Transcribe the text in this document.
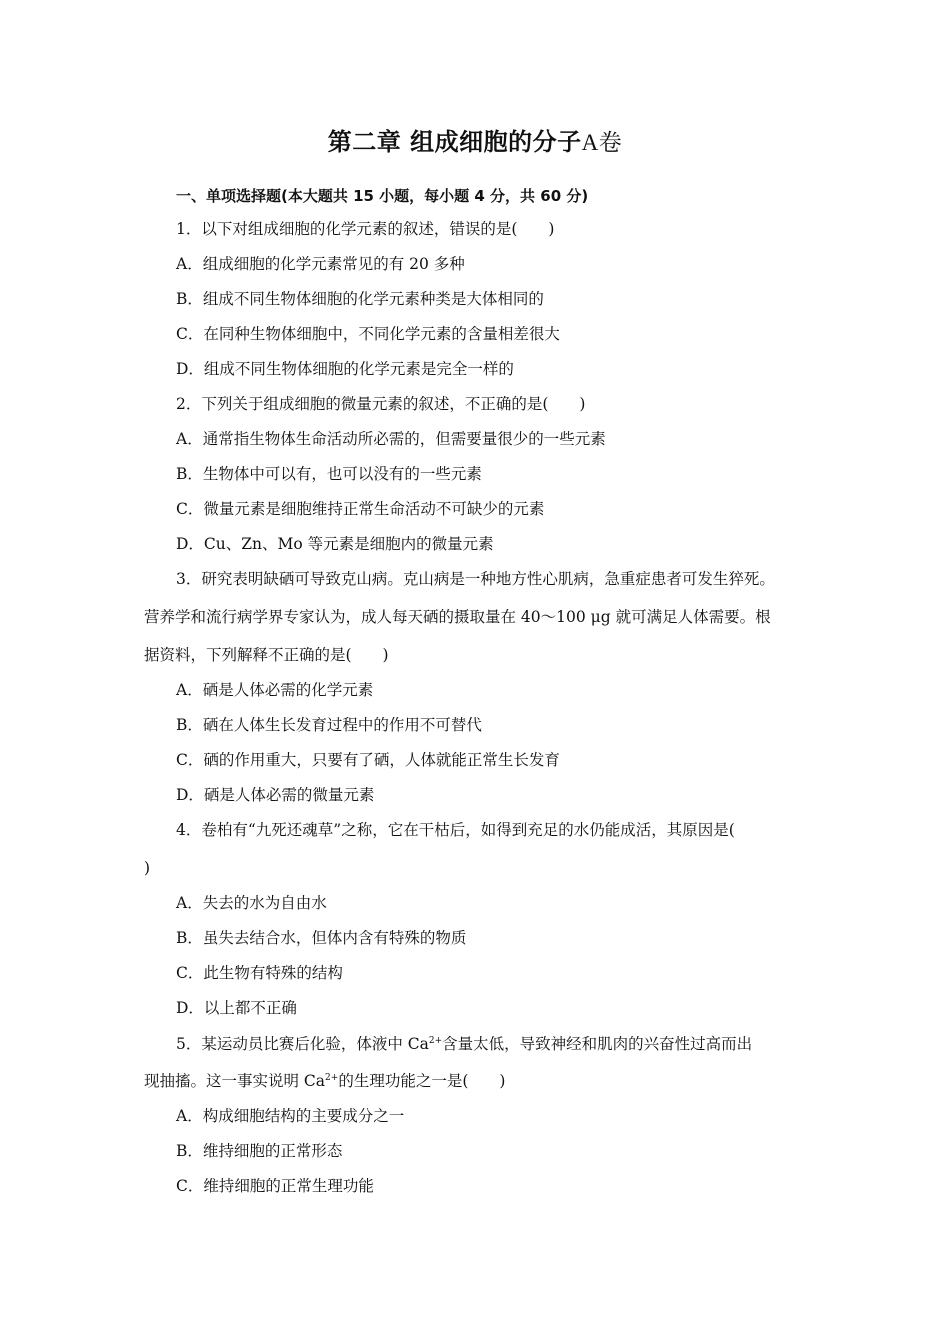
第二章 组成细胞的分子A卷
一、单项选择题(本大题共 15 小题，每小题 4 分，共 60 分)
1．以下对组成细胞的化学元素的叙述，错误的是(　　)
A．组成细胞的化学元素常见的有 20 多种
B．组成不同生物体细胞的化学元素种类是大体相同的
C．在同种生物体细胞中，不同化学元素的含量相差很大
D．组成不同生物体细胞的化学元素是完全一样的
2．下列关于组成细胞的微量元素的叙述，不正确的是(　　)
A．通常指生物体生命活动所必需的，但需要量很少的一些元素
B．生物体中可以有，也可以没有的一些元素
C．微量元素是细胞维持正常生命活动不可缺少的元素
D．Cu、Zn、Mo 等元素是细胞内的微量元素
3．研究表明缺硒可导致克山病。克山病是一种地方性心肌病，急重症患者可发生猝死。
营养学和流行病学界专家认为，成人每天硒的摄取量在 40～100 μg 就可满足人体需要。根
据资料，下列解释不正确的是(　　)
A．硒是人体必需的化学元素
B．硒在人体生长发育过程中的作用不可替代
C．硒的作用重大，只要有了硒，人体就能正常生长发育
D．硒是人体必需的微量元素
4．卷柏有“九死还魂草”之称，它在干枯后，如得到充足的水仍能成活，其原因是(
)
A．失去的水为自由水
B．虽失去结合水，但体内含有特殊的物质
C．此生物有特殊的结构
D．以上都不正确
5．某运动员比赛后化验，体液中 $Ca^{2+}$含量太低，导致神经和肌肉的兴奋性过高而出
现抽搐。这一事实说明 $Ca^{2+}$的生理功能之一是(　　)
A．构成细胞结构的主要成分之一
B．维持细胞的正常形态
C．维持细胞的正常生理功能
